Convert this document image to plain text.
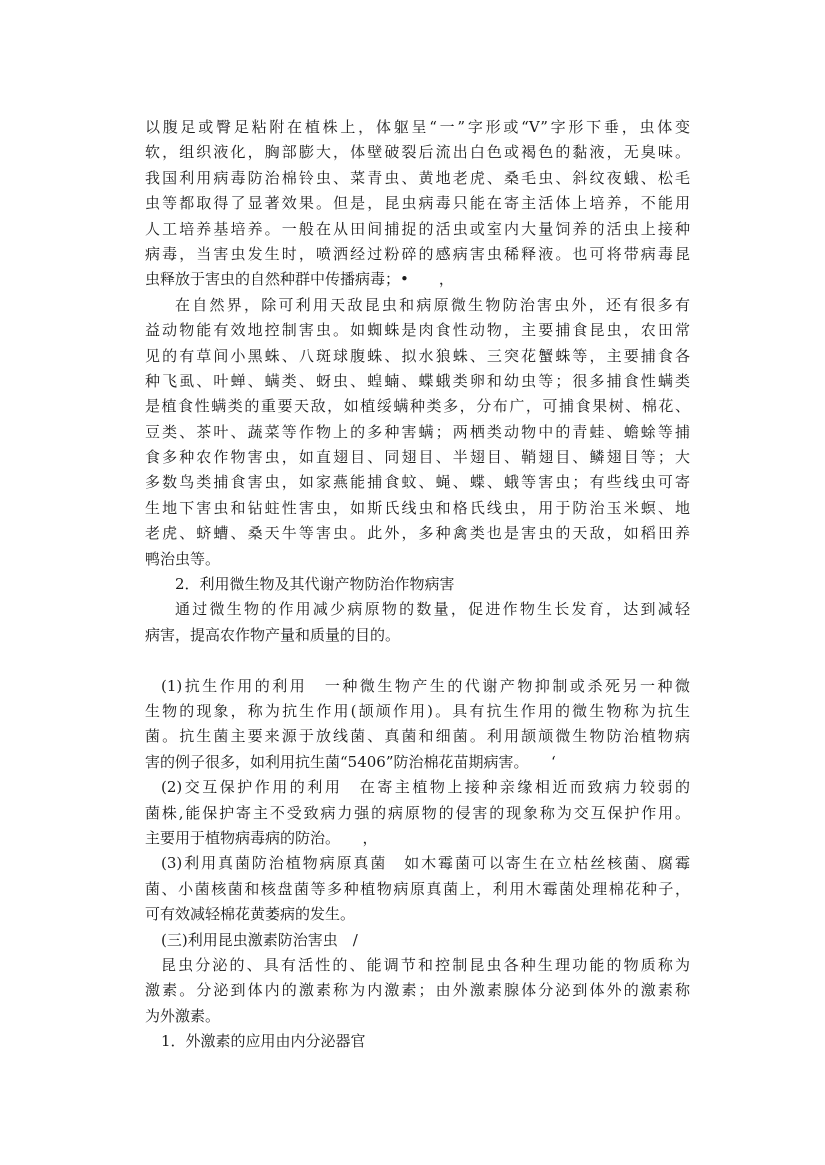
以腹足或臀足粘附在植株上，体躯呈“一”字形或“V”字形下垂，虫体变
软，组织液化，胸部膨大，体壁破裂后流出白色或褐色的黏液，无臭味。
我国利用病毒防治棉铃虫、菜青虫、黄地老虎、桑毛虫、斜纹夜蛾、松毛
虫等都取得了显著效果。但是，昆虫病毒只能在寄主活体上培养，不能用
人工培养基培养。一般在从田间捕捉的活虫或室内大量饲养的活虫上接种
病毒，当害虫发生时，喷洒经过粉碎的感病害虫稀释液。也可将带病毒昆
虫释放于害虫的自然种群中传播病毒；•　　，
在自然界，除可利用天敌昆虫和病原微生物防治害虫外，还有很多有
益动物能有效地控制害虫。如蜘蛛是肉食性动物，主要捕食昆虫，农田常
见的有草间小黑蛛、八斑球腹蛛、拟水狼蛛、三突花蟹蛛等，主要捕食各
种飞虱、叶蝉、螨类、蚜虫、蝗蝻、蝶蛾类卵和幼虫等；很多捕食性螨类
是植食性螨类的重要天敌，如植绥螨种类多，分布广，可捕食果树、棉花、
豆类、茶叶、蔬菜等作物上的多种害螨；两栖类动物中的青蛙、蟾蜍等捕
食多种农作物害虫，如直翅目、同翅目、半翅目、鞘翅目、鳞翅目等；大
多数鸟类捕食害虫，如家燕能捕食蚊、蝇、蝶、蛾等害虫；有些线虫可寄
生地下害虫和钻蛀性害虫，如斯氏线虫和格氏线虫，用于防治玉米螟、地
老虎、蛴螬、桑天牛等害虫。此外，多种禽类也是害虫的天敌，如稻田养
鸭治虫等。
2．利用微生物及其代谢产物防治作物病害
通过微生物的作用减少病原物的数量，促进作物生长发育，达到减轻
病害，提高农作物产量和质量的目的。
(1)抗生作用的利用　一种微生物产生的代谢产物抑制或杀死另一种微
生物的现象，称为抗生作用(颉颃作用)。具有抗生作用的微生物称为抗生
菌。抗生菌主要来源于放线菌、真菌和细菌。利用颉颃微生物防治植物病
害的例子很多，如利用抗生菌“5406”防治棉花苗期病害。　　‘
(2)交互保护作用的利用　在寄主植物上接种亲缘相近而致病力较弱的
菌株,能保护寄主不受致病力强的病原物的侵害的现象称为交互保护作用。
主要用于植物病毒病的防治。　　，
(3)利用真菌防治植物病原真菌　如木霉菌可以寄生在立枯丝核菌、腐霉
菌、小菌核菌和核盘菌等多种植物病原真菌上，利用木霉菌处理棉花种子，
可有效减轻棉花黄萎病的发生。
(三)利用昆虫激素防治害虫　/
昆虫分泌的、具有活性的、能调节和控制昆虫各种生理功能的物质称为
激素。分泌到体内的激素称为内激素；由外激素腺体分泌到体外的激素称
为外激素。
1．外激素的应用由内分泌器官
